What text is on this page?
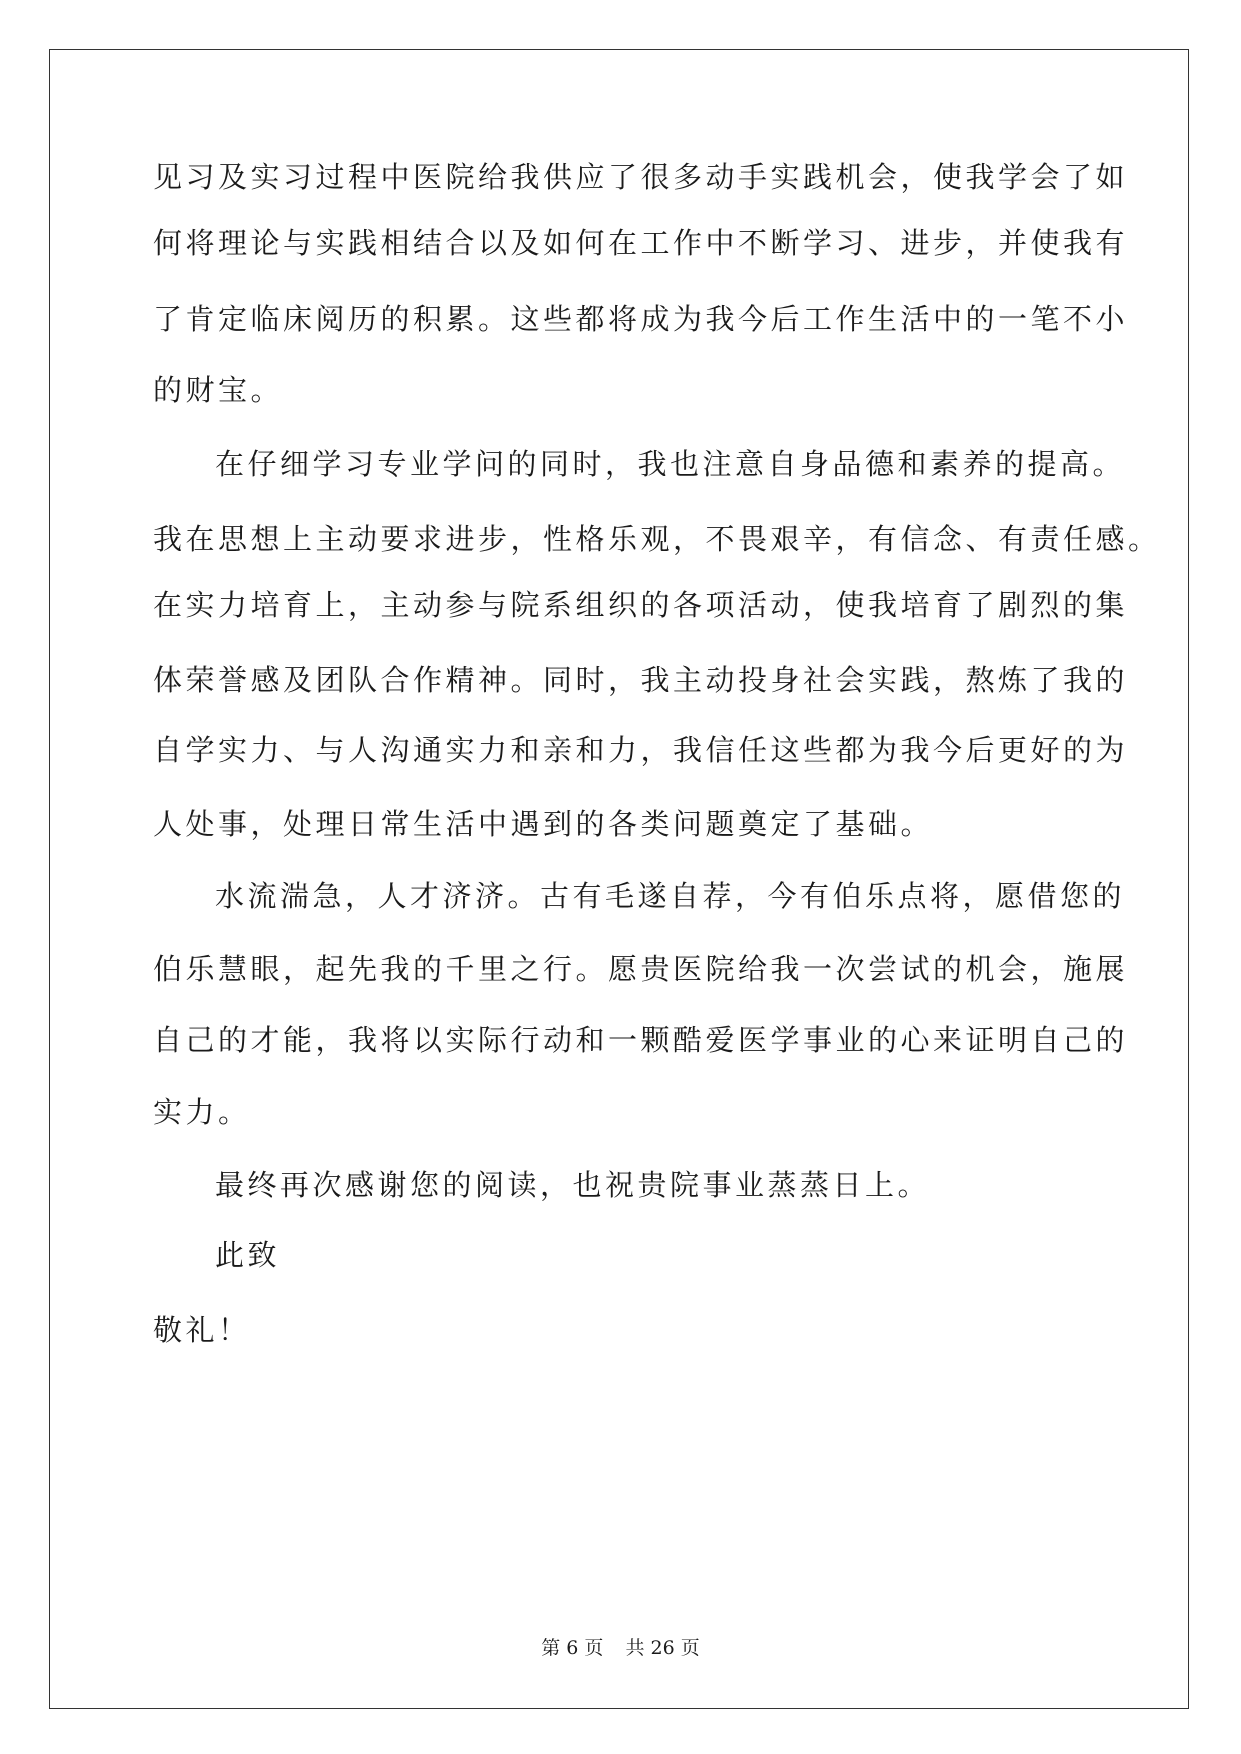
见习及实习过程中医院给我供应了很多动手实践机会，使我学会了如
何将理论与实践相结合以及如何在工作中不断学习、进步，并使我有
了肯定临床阅历的积累。这些都将成为我今后工作生活中的一笔不小
的财宝。
在仔细学习专业学问的同时，我也注意自身品德和素养的提高。
我在思想上主动要求进步，性格乐观，不畏艰辛，有信念、有责任感。
在实力培育上，主动参与院系组织的各项活动，使我培育了剧烈的集
体荣誉感及团队合作精神。同时，我主动投身社会实践，熬炼了我的
自学实力、与人沟通实力和亲和力，我信任这些都为我今后更好的为
人处事，处理日常生活中遇到的各类问题奠定了基础。
水流湍急，人才济济。古有毛遂自荐，今有伯乐点将，愿借您的
伯乐慧眼，起先我的千里之行。愿贵医院给我一次尝试的机会，施展
自己的才能，我将以实际行动和一颗酷爱医学事业的心来证明自己的
实力。
最终再次感谢您的阅读，也祝贵院事业蒸蒸日上。
此致
敬礼！
第 6 页 共 26 页
